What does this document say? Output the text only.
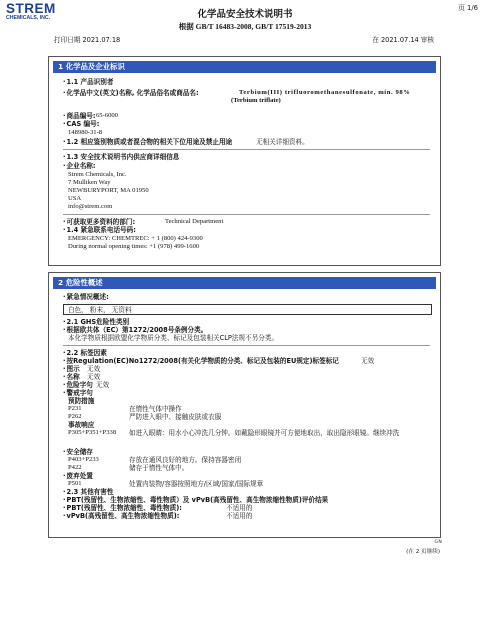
STREM
CHEMICALS, INC.	化学品安全技术说明书
根据 GB/T 16483-2008, GB/T 17519-2013
页 1/6
打印日期 2021.07.18	在 2021.07.14 审核
1 化学品及企业标识
· 1.1 产品识别者
· 化学品中文(英文)名称, 化学品俗名或商品名:	Terbium(III) trifluoromethanesulfonate, min. 98%
(Terbium triflate)
· 商品编号: 65-6000
· CAS 编号:
148980-31-8
· 1.2 相应鉴别物质或者混合物的相关下位用途及禁止用途	无相关详细资料。
· 1.3 安全技术说明书内供应商详细信息
· 企业名称:
Strem Chemicals, Inc.
7 Mulliken Way
NEWBURYPORT, MA 01950
USA
info@strem.com
· 可获取更多资料的部门:	Technical Department
· 1.4 紧急联系电话号码:
EMERGENCY: CHEMTREC: + 1 (800) 424-9300
During normal opening times: +1 (978) 499-1600
2 危险性概述
· 紧急情况概述:
白色， 粉末， 无资料
· 2.1 GHS危险性类别
· 根据欧共体（EC）第1272/2008号条例分类。
本化学物质根据欧盟化学物质分类、标记及包装相关CLP法规不另分类。
· 2.2 标签因素
· 按Regulation(EC)No1272/2008(有关化学物质的分类、标记及包装的EU规定)标签标记	无效
· 图示 无效
· 名称 无效
· 危险字句 无效
· 警戒字句
预防措施
P231	在惰性气体中操作
P262	严防进入眼中、接触皮肤或衣服
事故响应
P305+P351+P338 如进入眼睛：用水小心冲洗几分钟。如戴隐形眼镜并可方便地取出，取出隐形眼镜。继续冲洗
· 安全储存
P403+P233	存放在通风良好的地方。保持容器密闭
P422	储存于惰性气体中。
· 废弃处置
P501	处置内装物/容器按照地方/区域/国家/国际规章
· 2.3 其他有害性
· PBT(残留性、生物浓缩性、毒性物质）及 vPvB(高残留性、高生物浓缩性物质)评价结果
· PBT(残留性、生物浓缩性、毒性物质):	不适用的
· vPvB(高残留性、高生物浓缩性物质):	不适用的
GN
(在 2 页继续)
